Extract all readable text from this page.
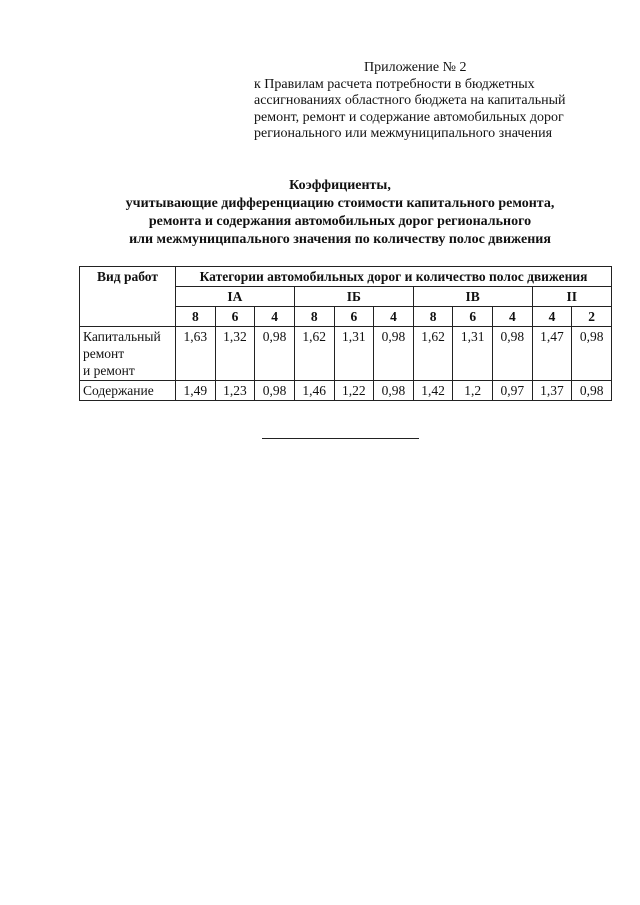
Приложение № 2
к Правилам расчета потребности в бюджетных
ассигнованиях областного бюджета на капитальный
ремонт, ремонт и содержание автомобильных дорог
регионального или межмуниципального значения
Коэффициенты,
учитывающие дифференциацию стоимости капитального ремонта,
ремонта и содержания автомобильных дорог регионального
или межмуниципального значения по количеству полос движения
Вид работ	Категории автомобильных дорог и количество полос движения										
	IА			IБ			IВ			II	
	8	6	4	8	6	4	8	6	4	4	2
Капитальный
ремонт
и ремонт	1,63	1,32	0,98	1,62	1,31	0,98	1,62	1,31	0,98	1,47	0,98
Содержание	1,49	1,23	0,98	1,46	1,22	0,98	1,42	1,2	0,97	1,37	0,98
